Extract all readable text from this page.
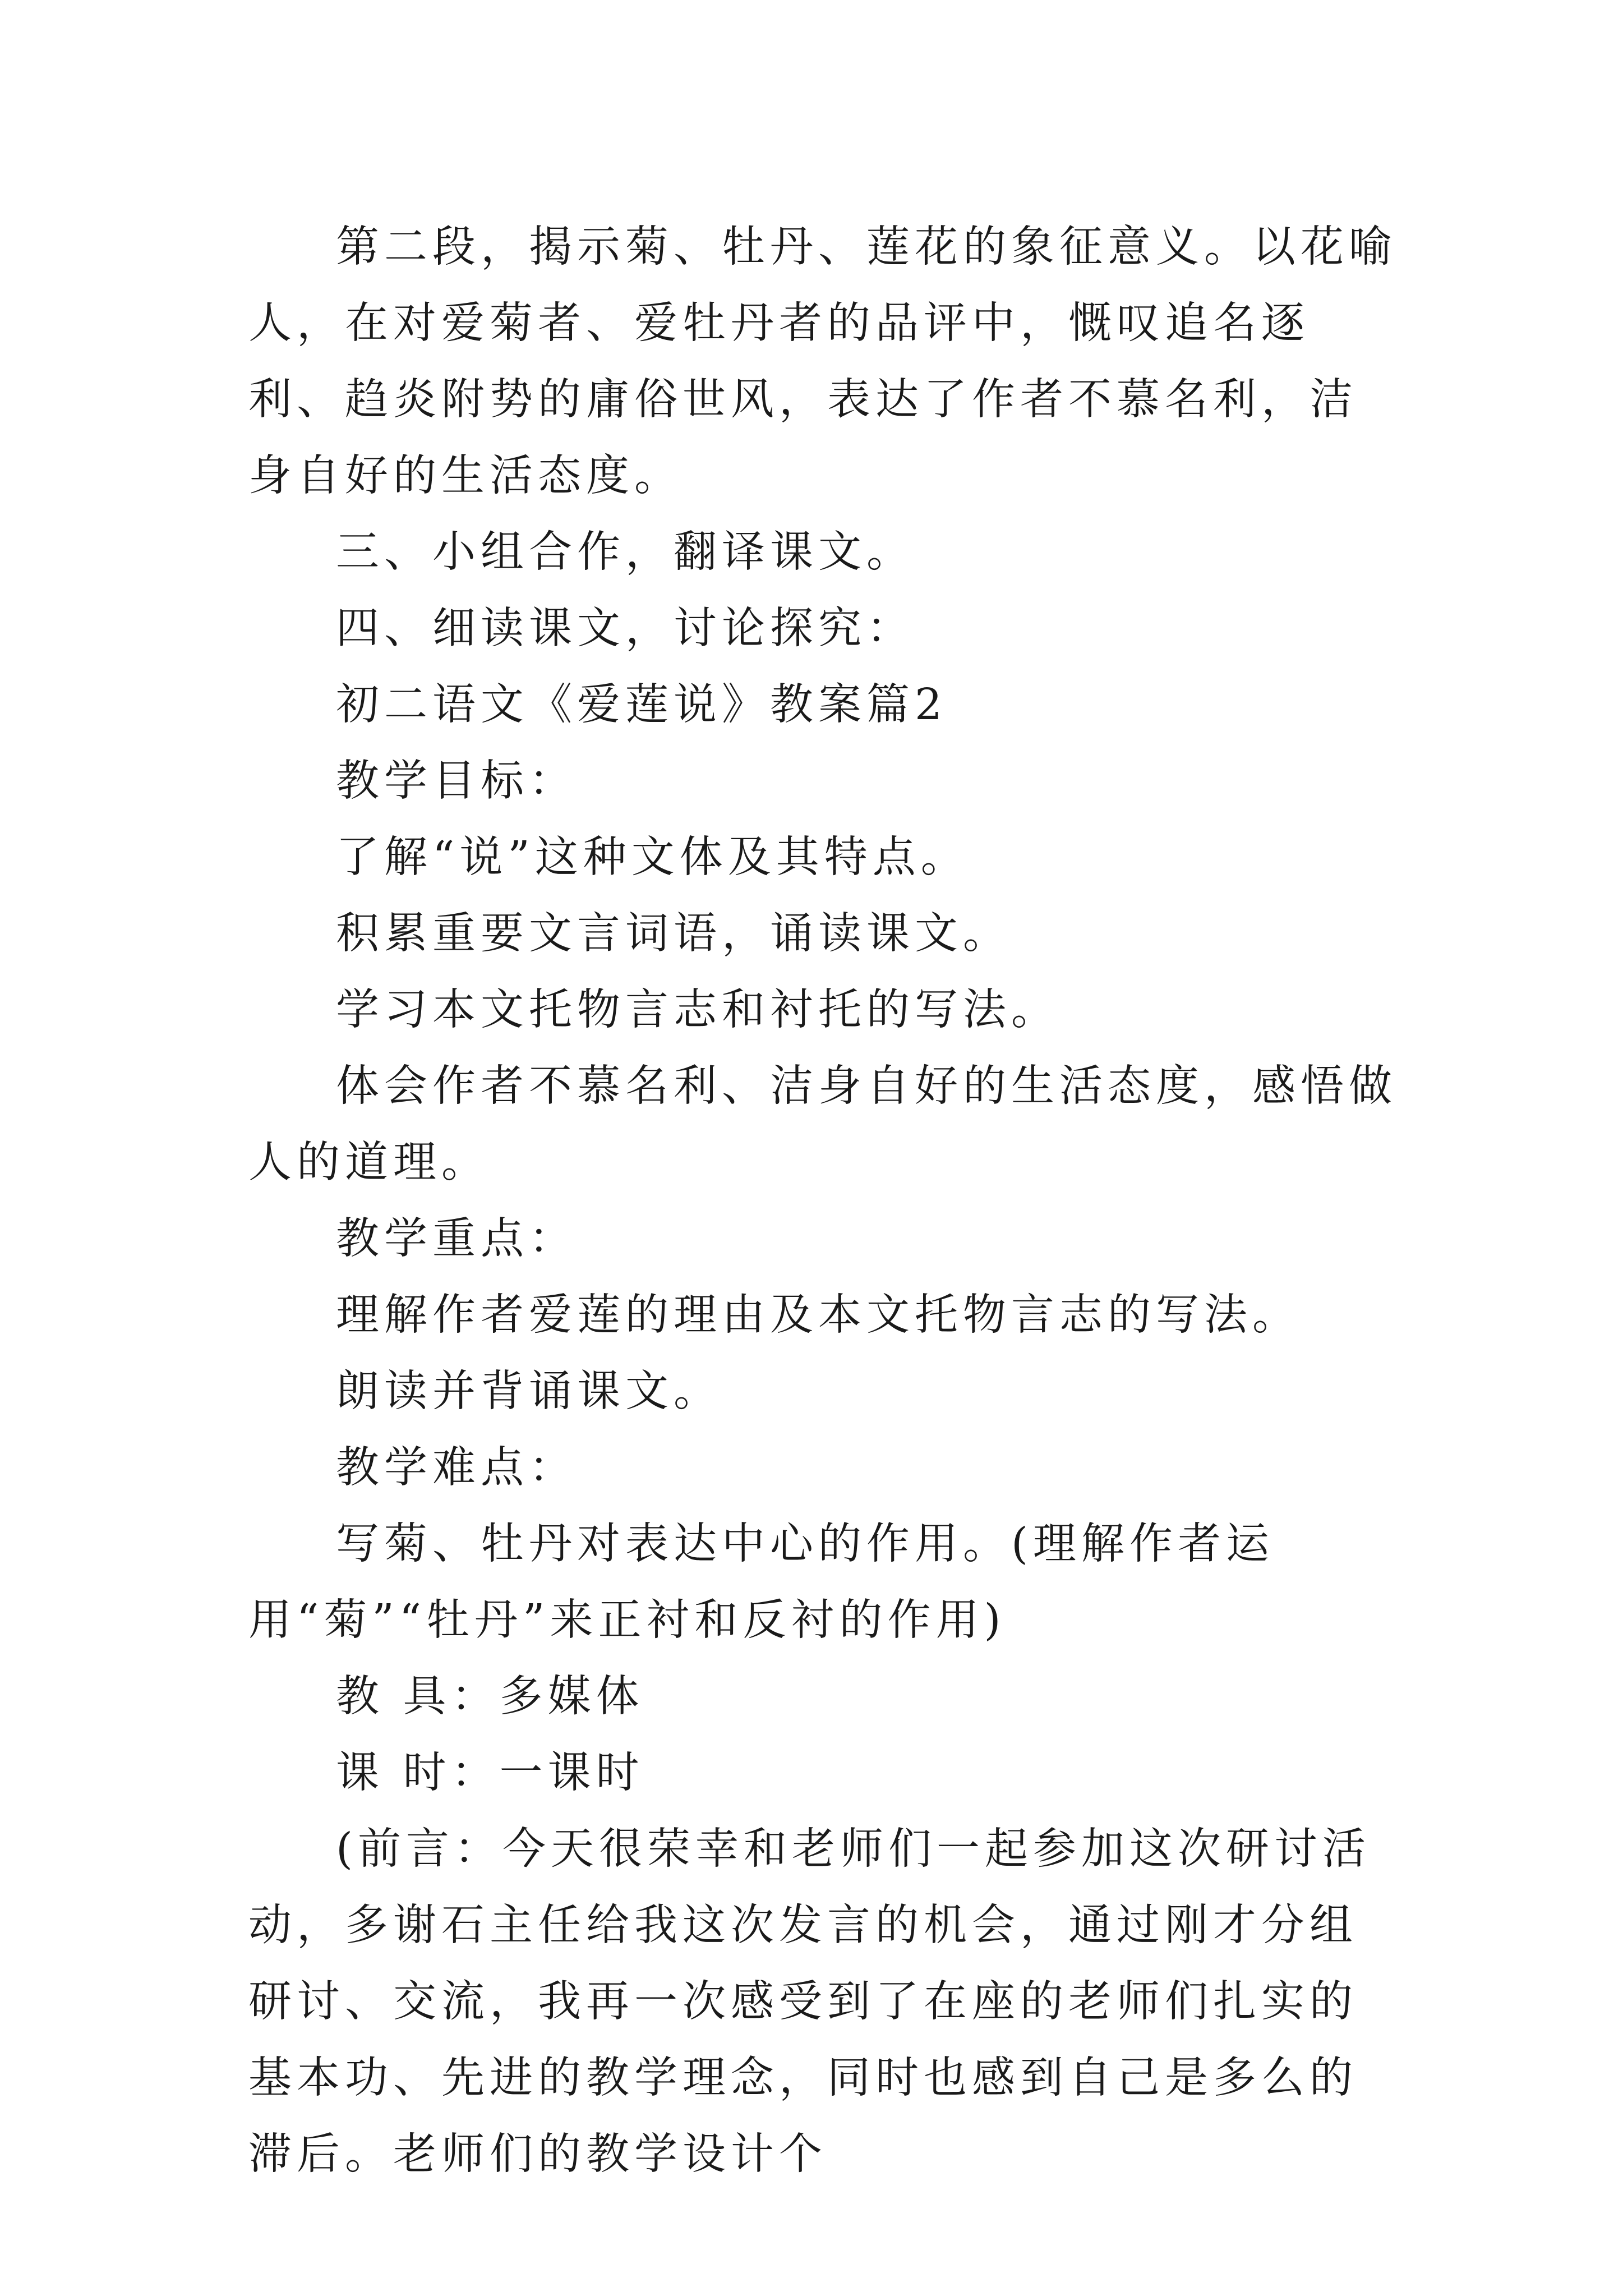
第二段，揭示菊、牡丹、莲花的象征意义。以花喻人，在对爱菊者、爱牡丹者的品评中，慨叹追名逐利、趋炎附势的庸俗世风，表达了作者不慕名利，洁身自好的生活态度。

三、小组合作，翻译课文。

四、细读课文，讨论探究：

初二语文《爱莲说》教案篇2

教学目标：

了解“说”这种文体及其特点。

积累重要文言词语，诵读课文。

学习本文托物言志和衬托的写法。

体会作者不慕名利、洁身自好的生活态度，感悟做人的道理。

教学重点：

理解作者爱莲的理由及本文托物言志的写法。

朗读并背诵课文。

教学难点：

写菊、牡丹对表达中心的作用。(理解作者运用“菊”“牡丹”来正衬和反衬的作用)

教 具：多媒体

课 时：一课时

(前言：今天很荣幸和老师们一起参加这次研讨活动，多谢石主任给我这次发言的机会，通过刚才分组研讨、交流，我再一次感受到了在座的老师们扎实的基本功、先进的教学理念，同时也感到自己是多么的滞后。老师们的教学设计个
